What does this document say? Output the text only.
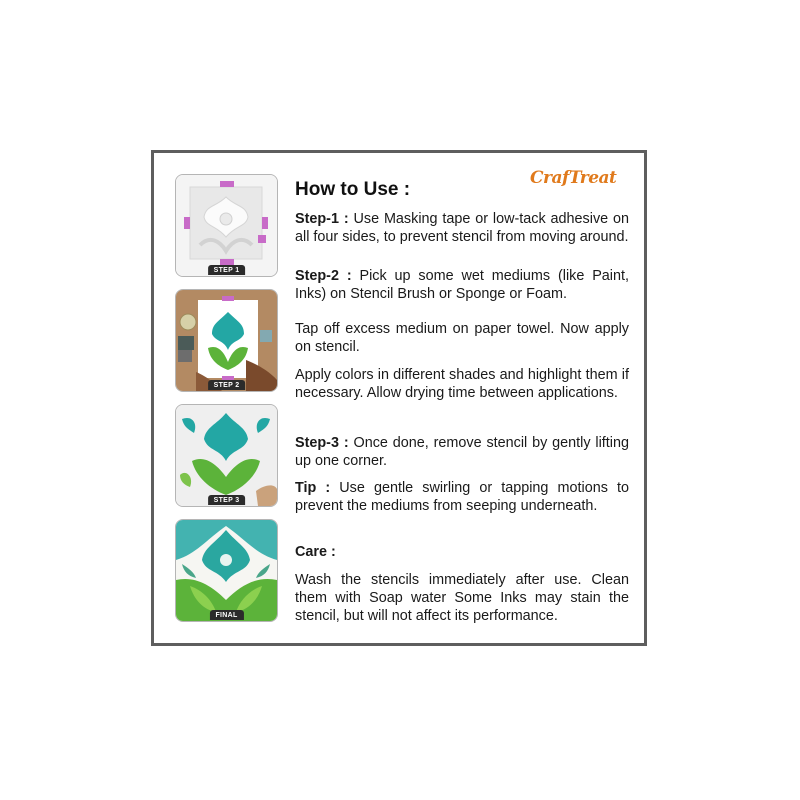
STEP 1
STEP 2
STEP 3
FINAL
How to Use :
CrafTreat

Step-1 : Use Masking tape or low-tack adhesive on all four sides, to prevent stencil from moving around.

Step-2 : Pick up some wet mediums (like Paint, Inks) on Stencil Brush or Sponge or Foam.

Tap off excess medium on paper towel. Now apply on stencil.

Apply colors in different shades and highlight them if necessary. Allow drying time between applications.

Step-3 : Once done, remove stencil by gently lifting up one corner.

Tip : Use gentle swirling or tapping motions to prevent the mediums from seeping underneath.

Care :

Wash the stencils immediately after use. Clean them with Soap water Some Inks may stain the stencil, but will not affect its performance.
